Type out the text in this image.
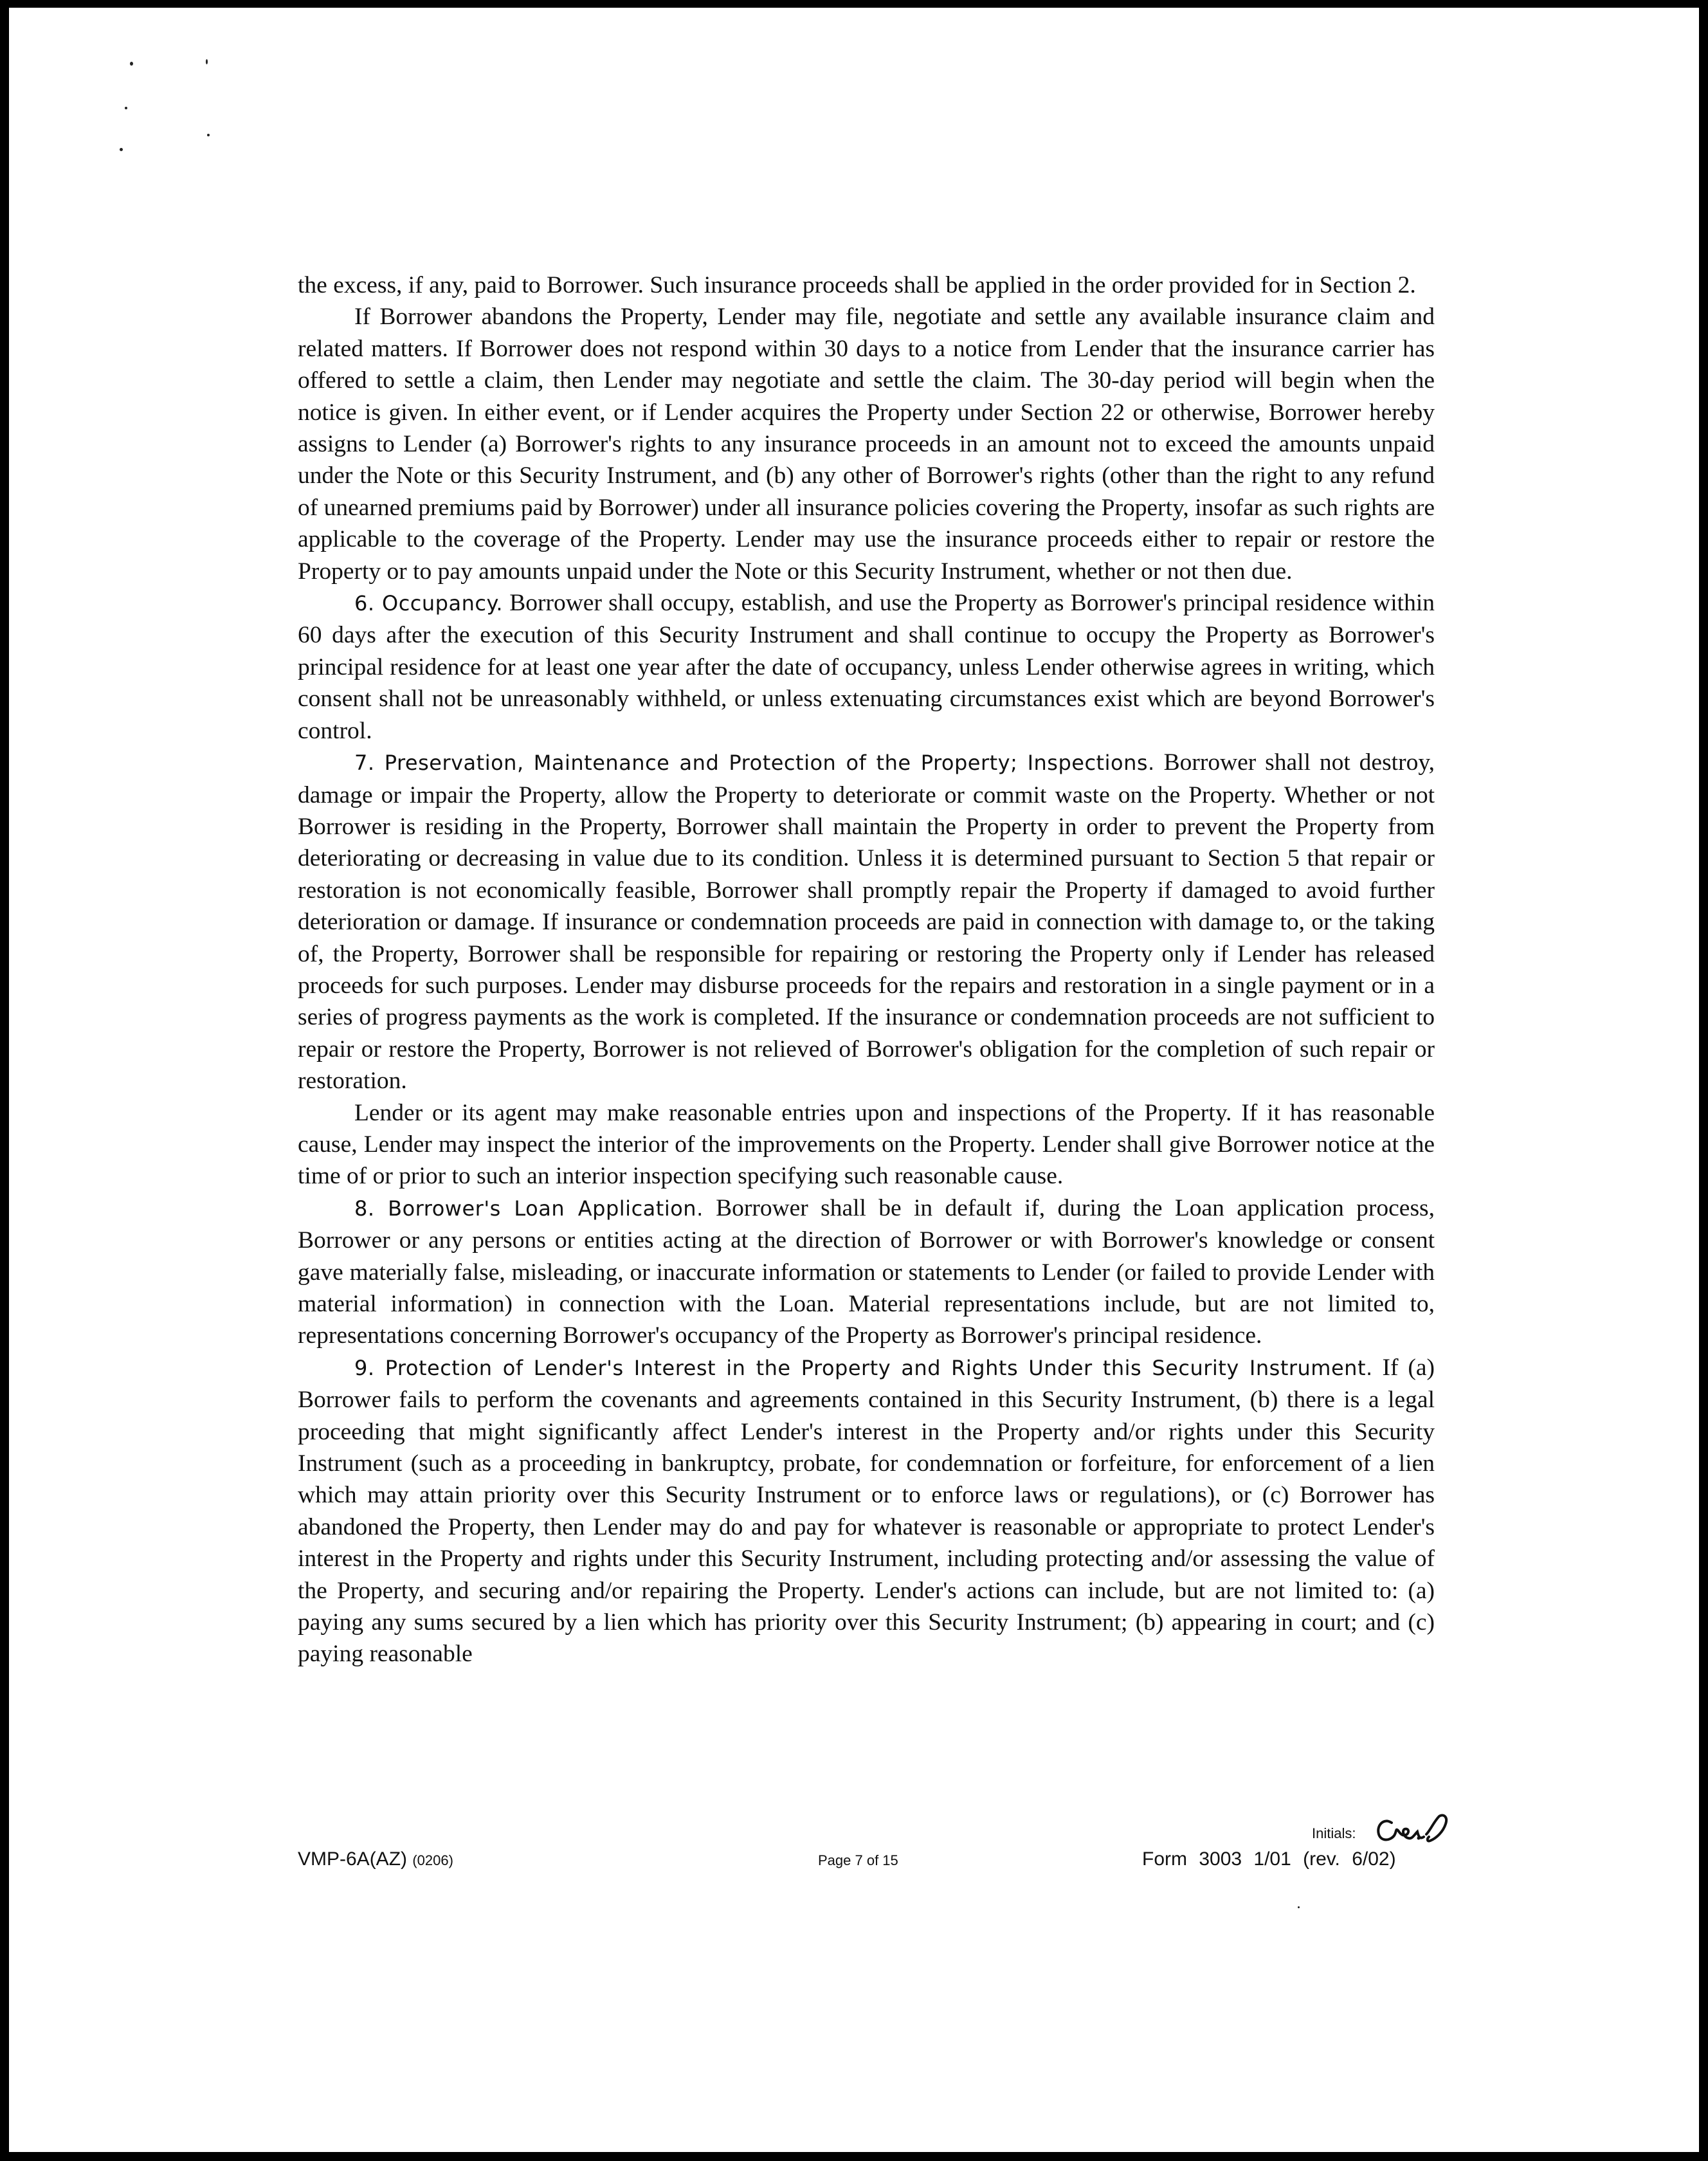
the excess, if any, paid to Borrower. Such insurance proceeds shall be applied in the order provided for in Section 2.

If Borrower abandons the Property, Lender may file, negotiate and settle any available insurance claim and related matters. If Borrower does not respond within 30 days to a notice from Lender that the insurance carrier has offered to settle a claim, then Lender may negotiate and settle the claim. The 30-day period will begin when the notice is given. In either event, or if Lender acquires the Property under Section 22 or otherwise, Borrower hereby assigns to Lender (a) Borrower's rights to any insurance proceeds in an amount not to exceed the amounts unpaid under the Note or this Security Instrument, and (b) any other of Borrower's rights (other than the right to any refund of unearned premiums paid by Borrower) under all insurance policies covering the Property, insofar as such rights are applicable to the coverage of the Property. Lender may use the insurance proceeds either to repair or restore the Property or to pay amounts unpaid under the Note or this Security Instrument, whether or not then due.

6. Occupancy. Borrower shall occupy, establish, and use the Property as Borrower's principal residence within 60 days after the execution of this Security Instrument and shall continue to occupy the Property as Borrower's principal residence for at least one year after the date of occupancy, unless Lender otherwise agrees in writing, which consent shall not be unreasonably withheld, or unless extenuating circumstances exist which are beyond Borrower's control.

7. Preservation, Maintenance and Protection of the Property; Inspections. Borrower shall not destroy, damage or impair the Property, allow the Property to deteriorate or commit waste on the Property. Whether or not Borrower is residing in the Property, Borrower shall maintain the Property in order to prevent the Property from deteriorating or decreasing in value due to its condition. Unless it is determined pursuant to Section 5 that repair or restoration is not economically feasible, Borrower shall promptly repair the Property if damaged to avoid further deterioration or damage. If insurance or condemnation proceeds are paid in connection with damage to, or the taking of, the Property, Borrower shall be responsible for repairing or restoring the Property only if Lender has released proceeds for such purposes. Lender may disburse proceeds for the repairs and restoration in a single payment or in a series of progress payments as the work is completed. If the insurance or condemnation proceeds are not sufficient to repair or restore the Property, Borrower is not relieved of Borrower's obligation for the completion of such repair or restoration.

Lender or its agent may make reasonable entries upon and inspections of the Property. If it has reasonable cause, Lender may inspect the interior of the improvements on the Property. Lender shall give Borrower notice at the time of or prior to such an interior inspection specifying such reasonable cause.

8. Borrower's Loan Application. Borrower shall be in default if, during the Loan application process, Borrower or any persons or entities acting at the direction of Borrower or with Borrower's knowledge or consent gave materially false, misleading, or inaccurate information or statements to Lender (or failed to provide Lender with material information) in connection with the Loan. Material representations include, but are not limited to, representations concerning Borrower's occupancy of the Property as Borrower's principal residence.

9. Protection of Lender's Interest in the Property and Rights Under this Security Instrument. If (a) Borrower fails to perform the covenants and agreements contained in this Security Instrument, (b) there is a legal proceeding that might significantly affect Lender's interest in the Property and/or rights under this Security Instrument (such as a proceeding in bankruptcy, probate, for condemnation or forfeiture, for enforcement of a lien which may attain priority over this Security Instrument or to enforce laws or regulations), or (c) Borrower has abandoned the Property, then Lender may do and pay for whatever is reasonable or appropriate to protect Lender's interest in the Property and rights under this Security Instrument, including protecting and/or assessing the value of the Property, and securing and/or repairing the Property. Lender's actions can include, but are not limited to: (a) paying any sums secured by a lien which has priority over this Security Instrument; (b) appearing in court; and (c) paying reasonable

Initials:
VMP-6A(AZ) (0206)	Page 7 of 15	Form 3003 1/01 (rev. 6/02)
